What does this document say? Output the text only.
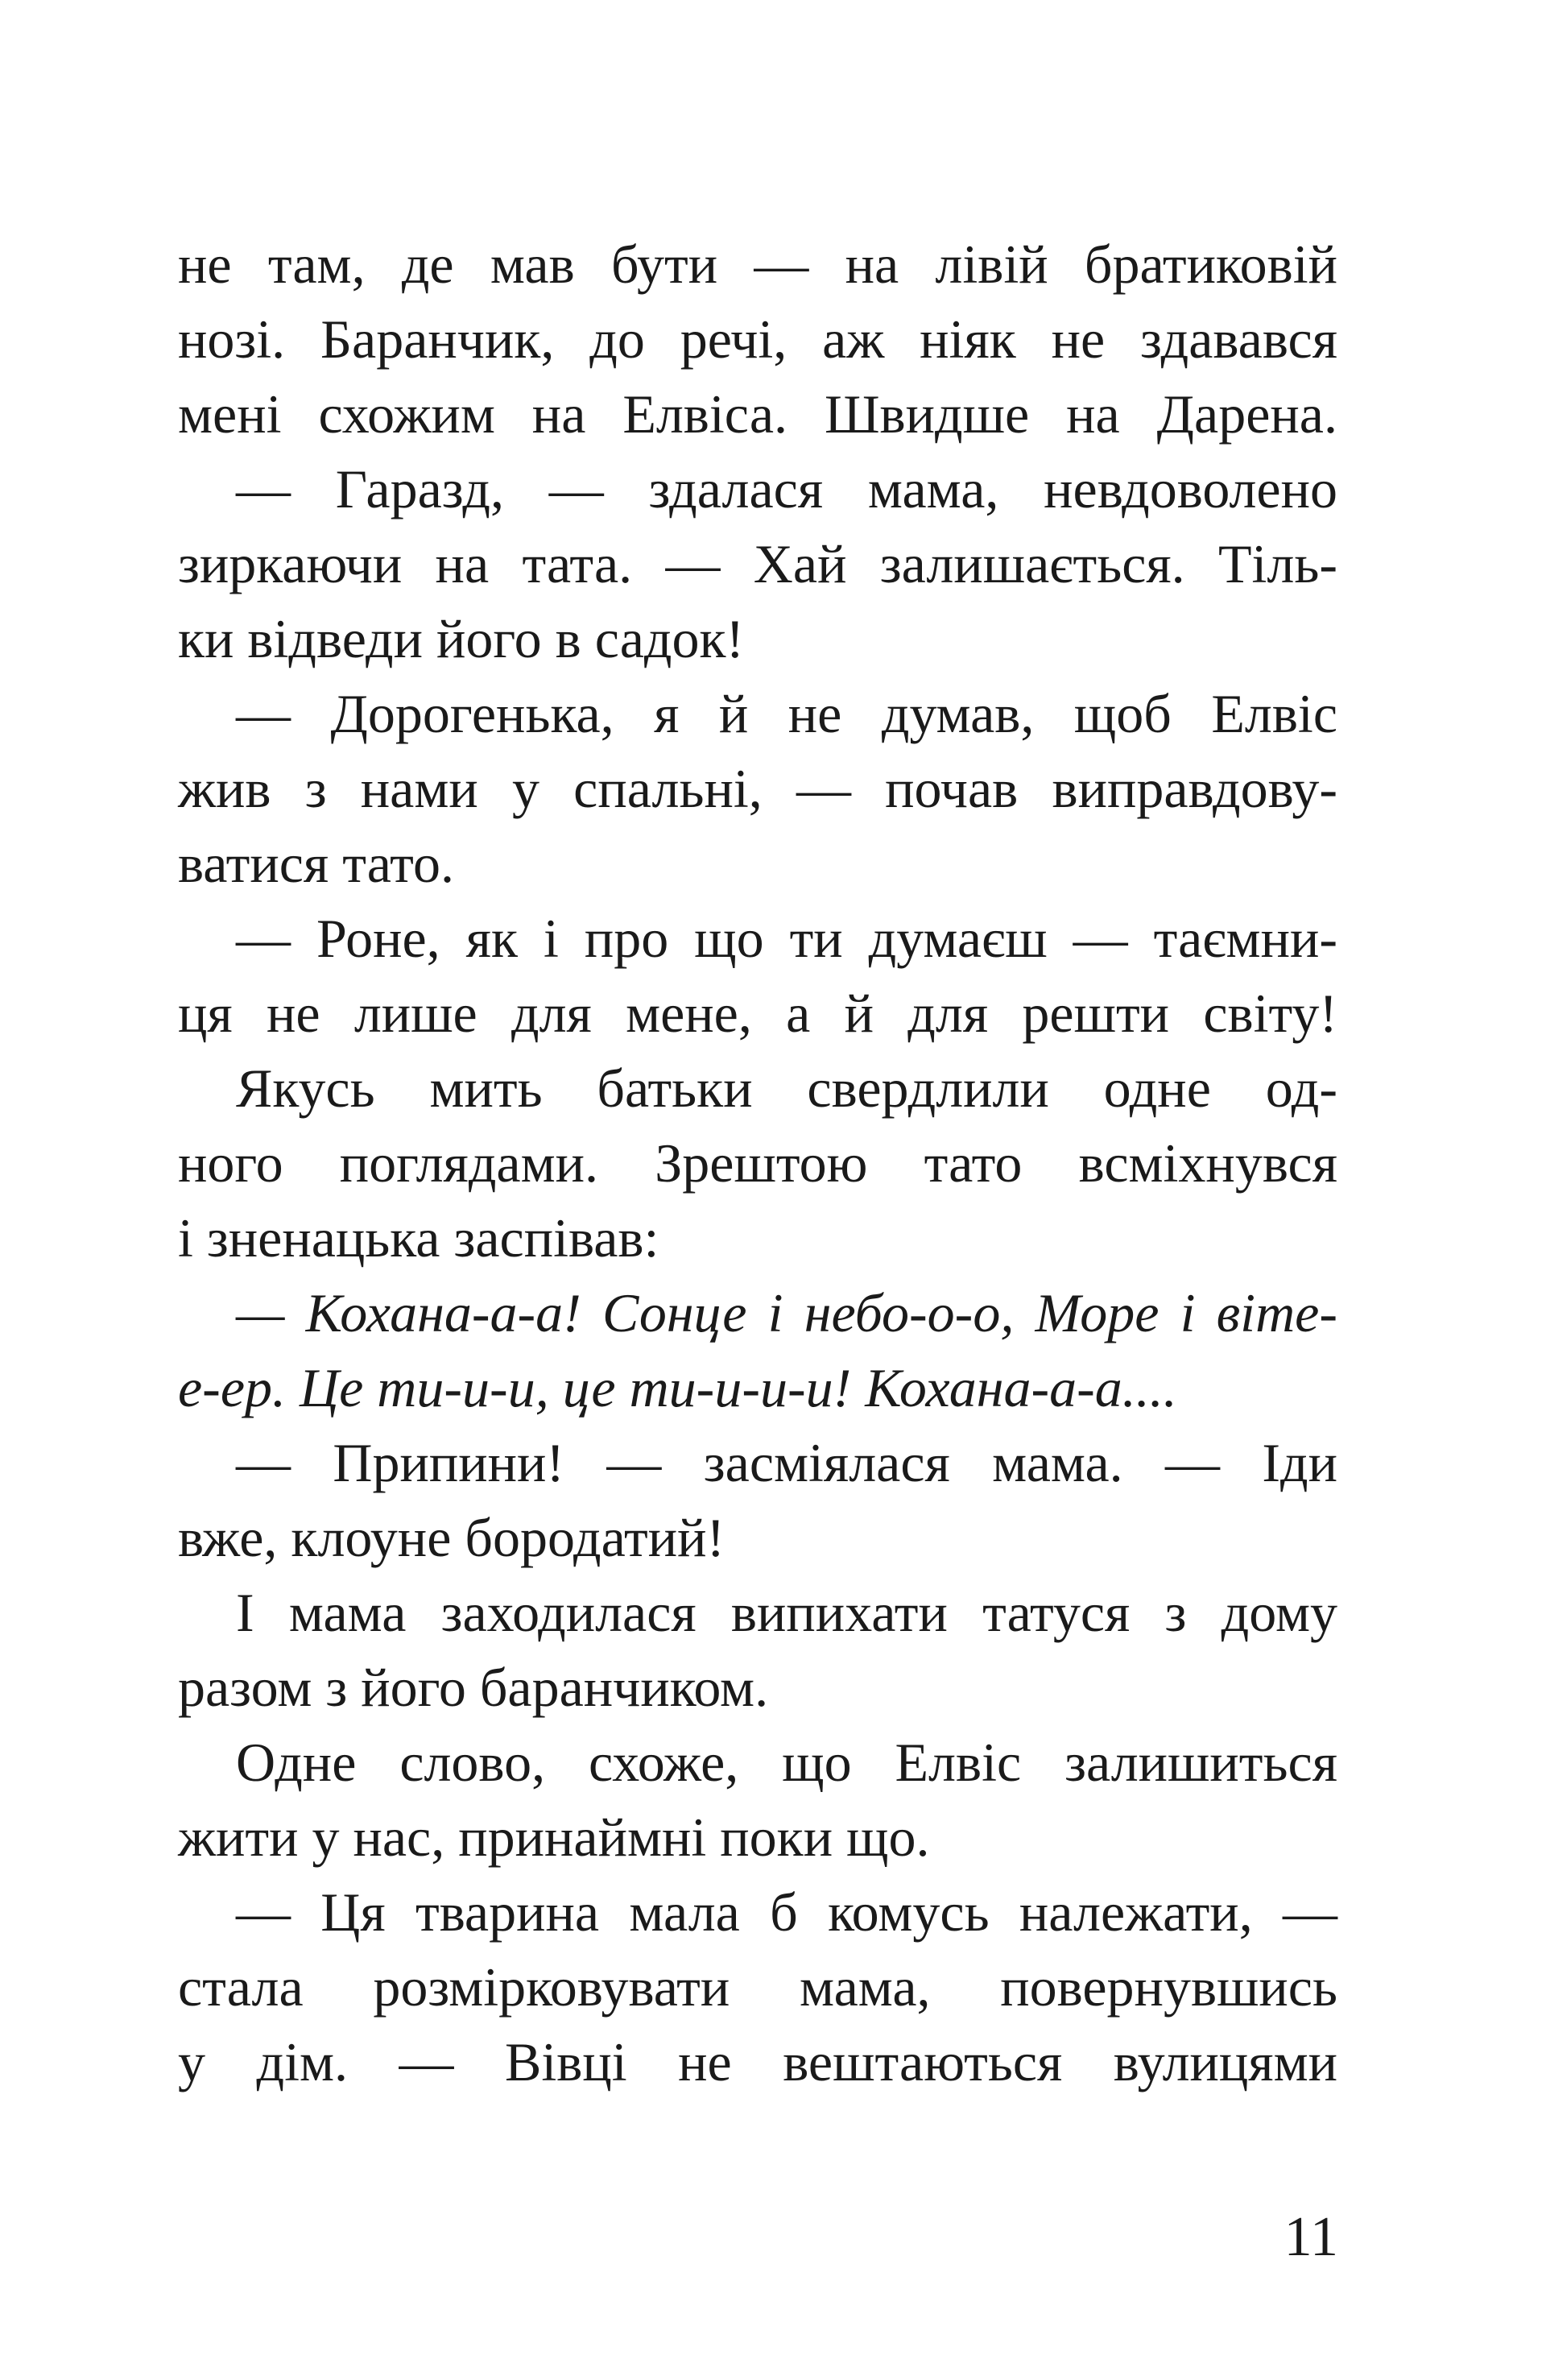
не там, де мав бути — на лівій братиковій
нозі. Баранчик, до речі, аж ніяк не здавався
мені схожим на Елвіса. Швидше на Дарена.
— Гаразд, — здалася мама, невдоволено
зиркаючи на тата. — Хай залишається. Тіль-
ки відведи його в садок!
— Дорогенька, я й не думав, щоб Елвіс
жив з нами у спальні, — почав виправдову-
ватися тато.
— Роне, як і про що ти думаєш — таємни-
ця не лише для мене, а й для решти світу!
Якусь мить батьки свердлили одне од-
ного поглядами. Зрештою тато всміхнувся
і зненацька заспівав:
— Кохана-а-а! Сонце і небо-о-о, Море і віте-
е-ер. Це ти-и-и, це ти-и-и-и! Кохана-а-а....
— Припини! — засміялася мама. — Іди
вже, клоуне бородатий!
І мама заходилася випихати татуся з дому
разом з його баранчиком.
Одне слово, схоже, що Елвіс залишиться
жити у нас, принаймні поки що.
— Ця тварина мала б комусь належати, —
стала розмірковувати мама, повернувшись
у дім. — Вівці не вештаються вулицями
11
